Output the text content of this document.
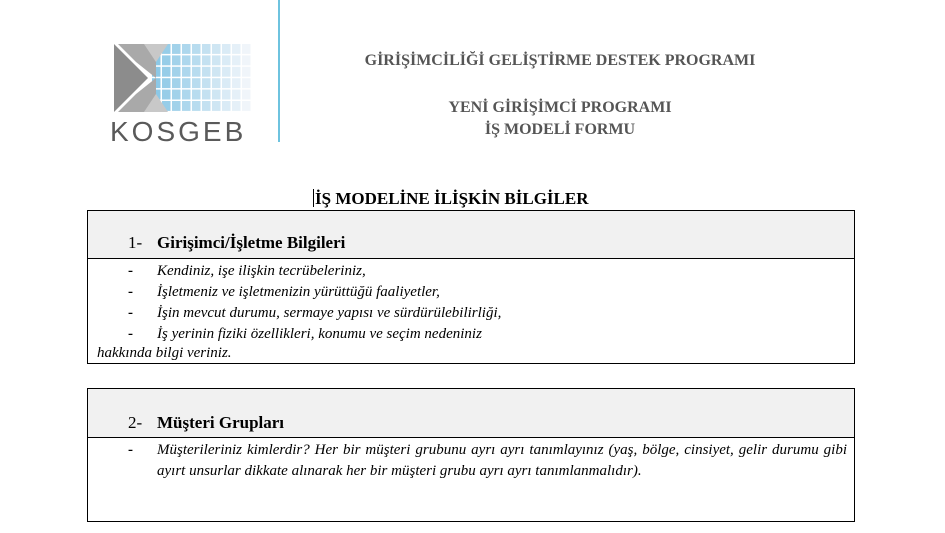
KOSGEB
GİRİŞİMCİLİĞİ GELİŞTİRME DESTEK PROGRAMI
YENİ GİRİŞİMCİ PROGRAMI
İŞ MODELİ FORMU
İŞ MODELİNE İLİŞKİN BİLGİLER
1- Girişimci/İşletme Bilgileri
- Kendiniz, işe ilişkin tecrübeleriniz,
- İşletmeniz ve işletmenizin yürüttüğü faaliyetler,
- İşin mevcut durumu, sermaye yapısı ve sürdürülebilirliği,
- İş yerinin fiziki özellikleri, konumu ve seçim nedeniniz
hakkında bilgi veriniz.
2- Müşteri Grupları
- Müşterileriniz kimlerdir? Her bir müşteri grubunu ayrı ayrı tanımlayınız (yaş, bölge, cinsiyet, gelir durumu gibi ayırt unsurlar dikkate alınarak her bir müşteri grubu ayrı ayrı tanımlanmalıdır).
